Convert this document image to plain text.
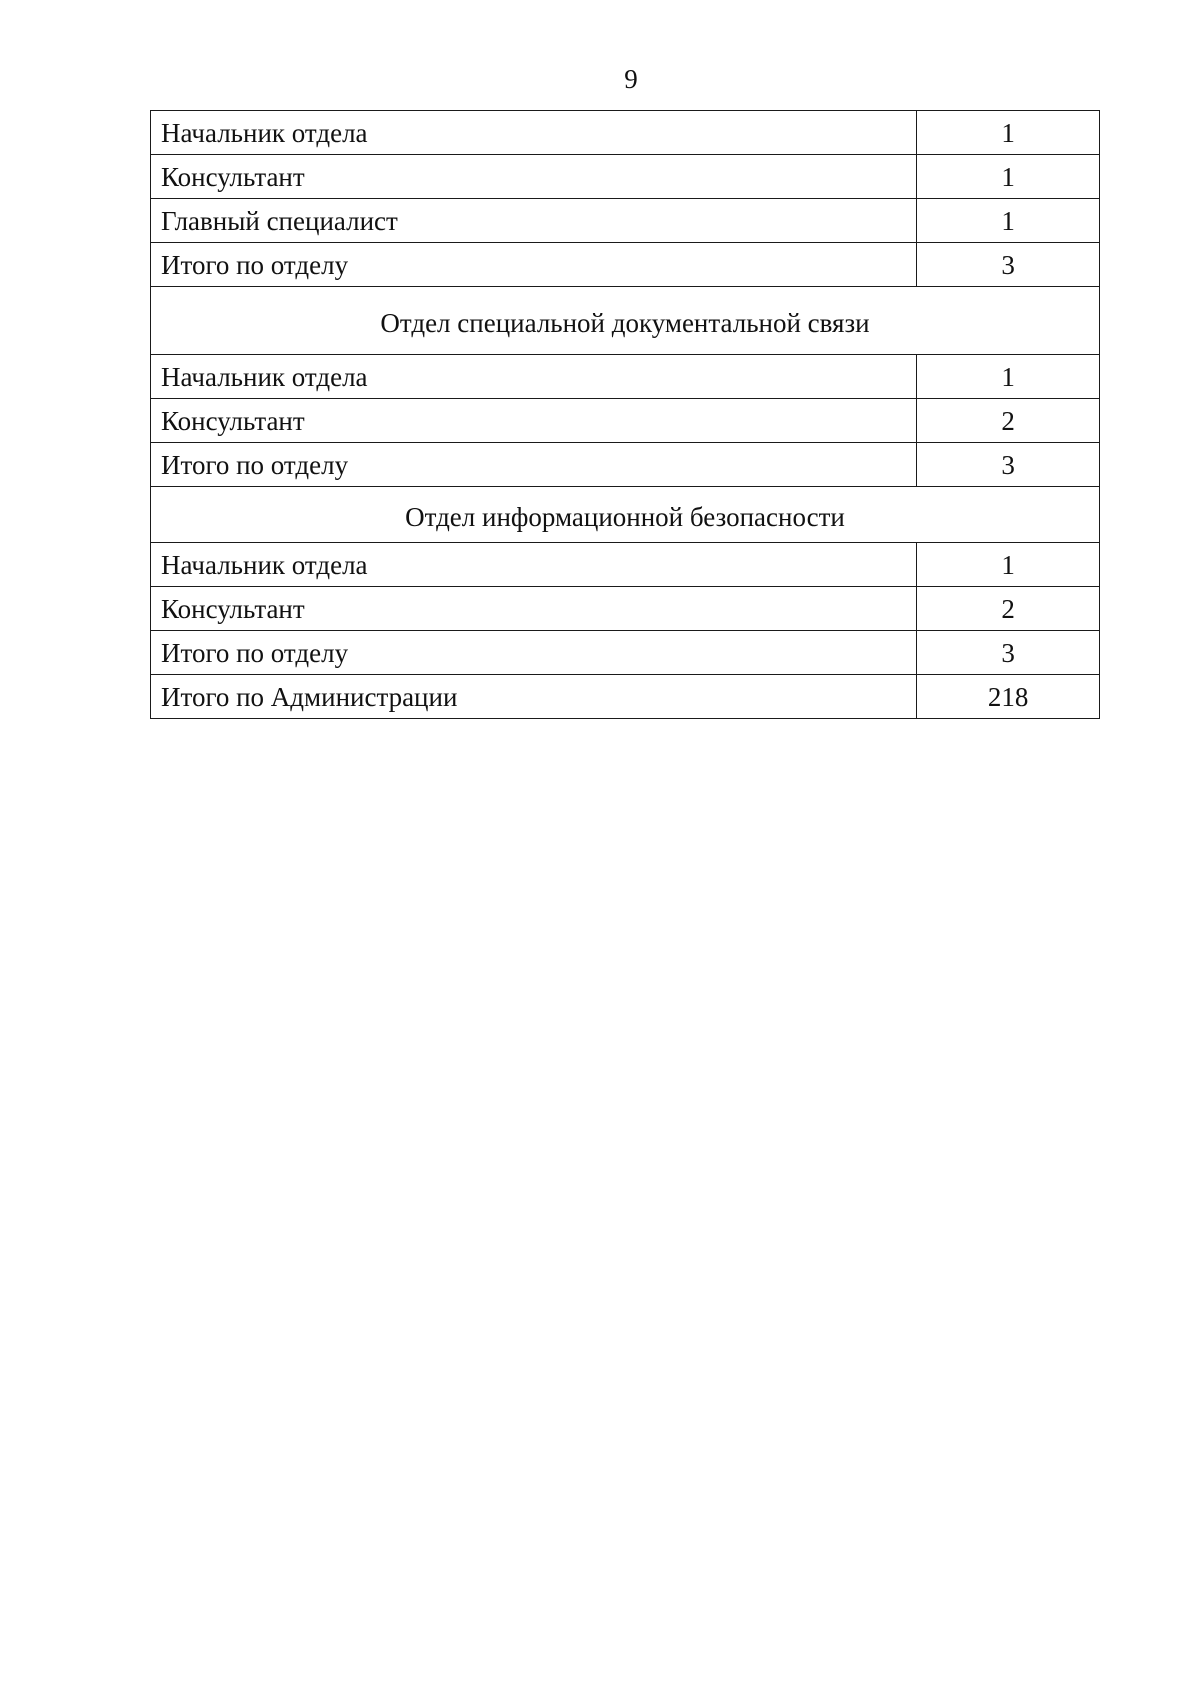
9
Начальник отдела	1
Консультант	1
Главный специалист	1
Итого по отделу	3
Отдел специальной документальной связи	
Начальник отдела	1
Консультант	2
Итого по отделу	3
Отдел информационной безопасности	
Начальник отдела	1
Консультант	2
Итого по отделу	3
Итого по Администрации	218
